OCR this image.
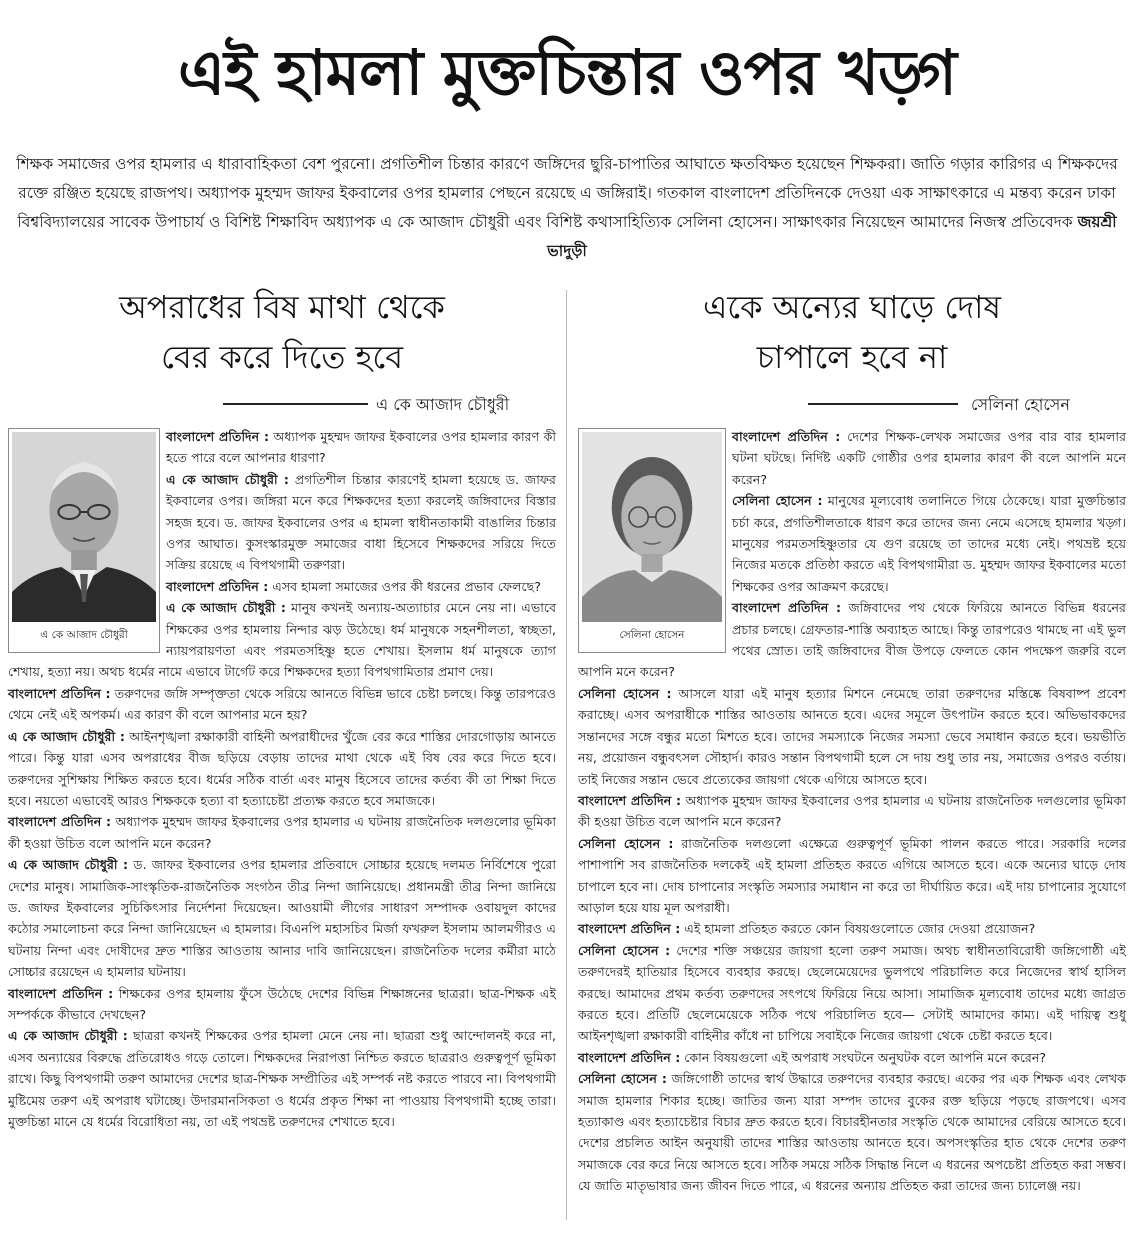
এই হামলা মুক্তচিন্তার ওপর খড়্গ
শিক্ষক সমাজের ওপর হামলার এ ধারাবাহিকতা বেশ পুরনো। প্রগতিশীল চিন্তার কারণে জঙ্গিদের ছুরি-চাপাতির আঘাতে ক্ষতবিক্ষত হয়েছেন শিক্ষকরা। জাতি গড়ার কারিগর এ শিক্ষকদের রক্তে রঞ্জিত হয়েছে রাজপথ। অধ্যাপক মুহম্মদ জাফর ইকবালের ওপর হামলার পেছনে রয়েছে এ জঙ্গিরাই। গতকাল বাংলাদেশ প্রতিদিনকে দেওয়া এক সাক্ষাৎকারে এ মন্তব্য করেন ঢাকা বিশ্ববিদ্যালয়ের সাবেক উপাচার্য ও বিশিষ্ট শিক্ষাবিদ অধ্যাপক এ কে আজাদ চৌধুরী এবং বিশিষ্ট কথাসাহিত্যিক সেলিনা হোসেন। সাক্ষাৎকার নিয়েছেন আমাদের নিজস্ব প্রতিবেদক জয়শ্রী ভাদুড়ী
অপরাধের বিষ মাথা থেকে
বের করে দিতে হবে
এ কে আজাদ চৌধুরী
এ কে আজাদ চৌধুরী

বাংলাদেশ প্রতিদিন : অধ্যাপক মুহম্মদ জাফর ইকবালের ওপর হামলার কারণ কী হতে পারে বলে আপনার ধারণা?

এ কে আজাদ চৌধুরী : প্রগতিশীল চিন্তার কারণেই হামলা হয়েছে ড. জাফর ইকবালের ওপর। জঙ্গিরা মনে করে শিক্ষকদের হত্যা করলেই জঙ্গিবাদের বিস্তার সহজ হবে। ড. জাফর ইকবালের ওপর এ হামলা স্বাধীনতাকামী বাঙালির চিন্তার ওপর আঘাত। কুসংস্কারমুক্ত সমাজের বাধা হিসেবে শিক্ষকদের সরিয়ে দিতে সক্রিয় রয়েছে এ বিপথগামী তরুণরা।

বাংলাদেশ প্রতিদিন : এসব হামলা সমাজের ওপর কী ধরনের প্রভাব ফেলছে?

এ কে আজাদ চৌধুরী : মানুষ কখনই অন্যায়-অত্যাচার মেনে নেয় না। এভাবে শিক্ষকের ওপর হামলায় নিন্দার ঝড় উঠেছে। ধর্ম মানুষকে সহনশীলতা, স্বচ্ছতা, ন্যায়পরায়ণতা এবং পরমতসহিষ্ণু হতে শেখায়। ইসলাম ধর্ম মানুষকে ত্যাগ শেখায়, হত্যা নয়। অথচ ধর্মের নামে এভাবে টার্গেট করে শিক্ষকদের হত্যা বিপথগামিতার প্রমাণ দেয়।

বাংলাদেশ প্রতিদিন : তরুণদের জঙ্গি সম্পৃক্ততা থেকে সরিয়ে আনতে বিভিন্ন ভাবে চেষ্টা চলছে। কিন্তু তারপরেও থেমে নেই এই অপকর্ম। এর কারণ কী বলে আপনার মনে হয়?

এ কে আজাদ চৌধুরী : আইনশৃঙ্খলা রক্ষাকারী বাহিনী অপরাধীদের খুঁজে বের করে শাস্তির দোরগোড়ায় আনতে পারে। কিন্তু যারা এসব অপরাধের বীজ ছড়িয়ে বেড়ায় তাদের মাথা থেকে এই বিষ বের করে দিতে হবে। তরুণদের সুশিক্ষায় শিক্ষিত করতে হবে। ধর্মের সঠিক বার্তা এবং মানুষ হিসেবে তাদের কর্তব্য কী তা শিক্ষা দিতে হবে। নয়তো এভাবেই আরও শিক্ষককে হত্যা বা হত্যাচেষ্টা প্রত্যক্ষ করতে হবে সমাজকে।

বাংলাদেশ প্রতিদিন : অধ্যাপক মুহম্মদ জাফর ইকবালের ওপর হামলার এ ঘটনায় রাজনৈতিক দলগুলোর ভূমিকা কী হওয়া উচিত বলে আপনি মনে করেন?

এ কে আজাদ চৌধুরী : ড. জাফর ইকবালের ওপর হামলার প্রতিবাদে সোচ্চার হয়েছে দলমত নির্বিশেষে পুরো দেশের মানুষ। সামাজিক-সাংস্কৃতিক-রাজনৈতিক সংগঠন তীব্র নিন্দা জানিয়েছে। প্রধানমন্ত্রী তীব্র নিন্দা জানিয়ে ড. জাফর ইকবালের সুচিকিৎসার নির্দেশনা দিয়েছেন। আওয়ামী লীগের সাধারণ সম্পাদক ওবায়দুল কাদের কঠোর সমালোচনা করে নিন্দা জানিয়েছেন এ হামলার। বিএনপি মহাসচিব মির্জা ফখরুল ইসলাম আলমগীরও এ ঘটনায় নিন্দা এবং দোষীদের দ্রুত শাস্তির আওতায় আনার দাবি জানিয়েছেন। রাজনৈতিক দলের কর্মীরা মাঠে সোচ্চার রয়েছেন এ হামলার ঘটনায়।

বাংলাদেশ প্রতিদিন : শিক্ষকের ওপর হামলায় ফুঁসে উঠেছে দেশের বিভিন্ন শিক্ষাঙ্গনের ছাত্ররা। ছাত্র-শিক্ষক এই সম্পর্ককে কীভাবে দেখছেন?

এ কে আজাদ চৌধুরী : ছাত্ররা কখনই শিক্ষকের ওপর হামলা মেনে নেয় না। ছাত্ররা শুধু আন্দোলনই করে না, এসব অন্যায়ের বিরুদ্ধে প্রতিরোধও গড়ে তোলে। শিক্ষকদের নিরাপত্তা নিশ্চিত করতে ছাত্ররাও গুরুত্বপূর্ণ ভূমিকা রাখে। কিছু বিপথগামী তরুণ আমাদের দেশের ছাত্র-শিক্ষক সম্প্রীতির এই সম্পর্ক নষ্ট করতে পারবে না। বিপথগামী মুষ্টিমেয় তরুণ এই অপরাধ ঘটাচ্ছে। উদারমানসিকতা ও ধর্মের প্রকৃত শিক্ষা না পাওয়ায় বিপথগামী হচ্ছে তারা। মুক্তচিন্তা মানে যে ধর্মের বিরোধিতা নয়, তা এই পথভ্রষ্ট তরুণদের শেখাতে হবে।

একে অন্যের ঘাড়ে দোষ
চাপালে হবে না
সেলিনা হোসেন
সেলিনা হোসেন

বাংলাদেশ প্রতিদিন : দেশের শিক্ষক-লেখক সমাজের ওপর বার বার হামলার ঘটনা ঘটছে। নির্দিষ্ট একটি গোষ্ঠীর ওপর হামলার কারণ কী বলে আপনি মনে করেন?

সেলিনা হোসেন : মানুষের মূল্যবোধ তলানিতে গিয়ে ঠেকেছে। যারা মুক্তচিন্তার চর্চা করে, প্রগতিশীলতাকে ধারণ করে তাদের জন্য নেমে এসেছে হামলার খড়্গ। মানুষের পরমতসহিষ্ণুতার যে গুণ রয়েছে তা তাদের মধ্যে নেই। পথভ্রষ্ট হয়ে নিজের মতকে প্রতিষ্ঠা করতে এই বিপথগামীরা ড. মুহম্মদ জাফর ইকবালের মতো শিক্ষকের ওপর আক্রমণ করেছে।

বাংলাদেশ প্রতিদিন : জঙ্গিবাদের পথ থেকে ফিরিয়ে আনতে বিভিন্ন ধরনের প্রচার চলছে। গ্রেফতার-শাস্তি অব্যাহত আছে। কিন্তু তারপরেও থামছে না এই ভুল পথের স্রোত। তাই জঙ্গিবাদের বীজ উপড়ে ফেলতে কোন পদক্ষেপ জরুরি বলে আপনি মনে করেন?

সেলিনা হোসেন : আসলে যারা এই মানুষ হত্যার মিশনে নেমেছে তারা তরুণদের মস্তিষ্কে বিষবাষ্প প্রবেশ করাচ্ছে। এসব অপরাধীকে শাস্তির আওতায় আনতে হবে। এদের সমূলে উৎপাটন করতে হবে। অভিভাবকদের সন্তানদের সঙ্গে বন্ধুর মতো মিশতে হবে। তাদের সমস্যাকে নিজের সমস্যা ভেবে সমাধান করতে হবে। ভয়ভীতি নয়, প্রয়োজন বন্ধুবৎসল সৌহার্দ। কারও সন্তান বিপথগামী হলে সে দায় শুধু তার নয়, সমাজের ওপরও বর্তায়। তাই নিজের সন্তান ভেবে প্রত্যেকের জায়গা থেকে এগিয়ে আসতে হবে।

বাংলাদেশ প্রতিদিন : অধ্যাপক মুহম্মদ জাফর ইকবালের ওপর হামলার এ ঘটনায় রাজনৈতিক দলগুলোর ভূমিকা কী হওয়া উচিত বলে আপনি মনে করেন?

সেলিনা হোসেন : রাজনৈতিক দলগুলো এক্ষেত্রে গুরুত্বপূর্ণ ভূমিকা পালন করতে পারে। সরকারি দলের পাশাপাশি সব রাজনৈতিক দলকেই এই হামলা প্রতিহত করতে এগিয়ে আসতে হবে। একে অন্যের ঘাড়ে দোষ চাপালে হবে না। দোষ চাপানোর সংস্কৃতি সমস্যার সমাধান না করে তা দীর্ঘায়িত করে। এই দায় চাপানোর সুযোগে আড়াল হয়ে যায় মূল অপরাধী।

বাংলাদেশ প্রতিদিন : এই হামলা প্রতিহত করতে কোন বিষয়গুলোতে জোর দেওয়া প্রয়োজন?

সেলিনা হোসেন : দেশের শক্তি সঞ্চয়ের জায়গা হলো তরুণ সমাজ। অথচ স্বাধীনতাবিরোধী জঙ্গিগোষ্ঠী এই তরুণদেরই হাতিয়ার হিসেবে ব্যবহার করছে। ছেলেমেয়েদের ভুলপথে পরিচালিত করে নিজেদের স্বার্থ হাসিল করছে। আমাদের প্রথম কর্তব্য তরুণদের সৎপথে ফিরিয়ে নিয়ে আসা। সামাজিক মূল্যবোধ তাদের মধ্যে জাগ্রত করতে হবে। প্রতিটি ছেলেমেয়েকে সঠিক পথে পরিচালিত হবে— সেটাই আমাদের কাম্য। এই দায়িত্ব শুধু আইনশৃঙ্খলা রক্ষাকারী বাহিনীর কাঁধে না চাপিয়ে সবাইকে নিজের জায়গা থেকে চেষ্টা করতে হবে।

বাংলাদেশ প্রতিদিন : কোন বিষয়গুলো এই অপরাধ সংঘটনে অনুঘটক বলে আপনি মনে করেন?

সেলিনা হোসেন : জঙ্গিগোষ্ঠী তাদের স্বার্থ উদ্ধারে তরুণদের ব্যবহার করছে। একের পর এক শিক্ষক এবং লেখক সমাজ হামলার শিকার হচ্ছে। জাতির জন্য যারা সম্পদ তাদের বুকের রক্ত ছড়িয়ে পড়ছে রাজপথে। এসব হত্যাকাণ্ড এবং হত্যাচেষ্টার বিচার দ্রুত করতে হবে। বিচারহীনতার সংস্কৃতি থেকে আমাদের বেরিয়ে আসতে হবে। দেশের প্রচলিত আইন অনুযায়ী তাদের শাস্তির আওতায় আনতে হবে। অপসংস্কৃতির হাত থেকে দেশের তরুণ সমাজকে বের করে নিয়ে আসতে হবে। সঠিক সময়ে সঠিক সিদ্ধান্ত নিলে এ ধরনের অপচেষ্টা প্রতিহত করা সম্ভব। যে জাতি মাতৃভাষার জন্য জীবন দিতে পারে, এ ধরনের অন্যায় প্রতিহত করা তাদের জন্য চ্যালেঞ্জ নয়।
